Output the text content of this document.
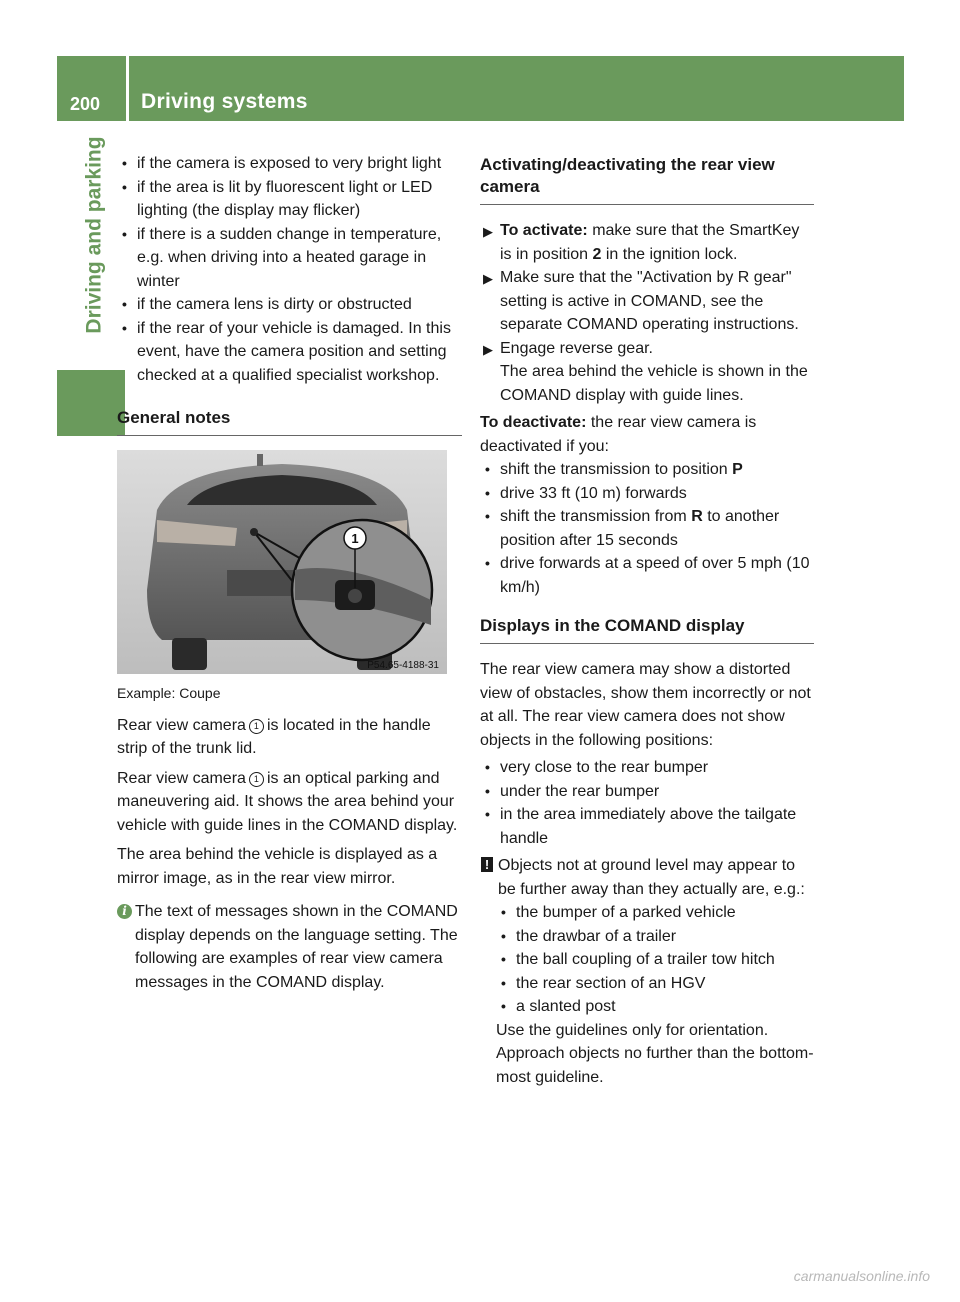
200 Driving systems
Driving and parking • if the camera is exposed to very bright light

• if the area is lit by fluorescent light or LED lighting (the display may flicker)

• if there is a sudden change in temperature, e.g. when driving into a heated garage in winter

• if the camera lens is dirty or obstructed

• if the rear of your vehicle is damaged. In this event, have the camera position and setting checked at a qualified specialist workshop.

General notes
1
P54.65-4188-31

Example: Coupe

Rear view camera 1 is located in the handle strip of the trunk lid.

Rear view camera 1 is an optical parking and maneuvering aid. It shows the area behind your vehicle with guide lines in the COMAND display.

The area behind the vehicle is displayed as a mirror image, as in the rear view mirror.

i The text of messages shown in the COMAND display depends on the language setting. The following are examples of rear view camera messages in the COMAND display.
Activating/deactivating the rear view camera

▶ To activate: make sure that the SmartKey is in position 2 in the ignition lock.

▶ Make sure that the "Activation by R gear" setting is active in COMAND, see the separate COMAND operating instructions.

▶ Engage reverse gear.
The area behind the vehicle is shown in the COMAND display with guide lines.

To deactivate: the rear view camera is deactivated if you:

• shift the transmission to position P

• drive 33 ft (10 m) forwards

• shift the transmission from R to another position after 15 seconds

• drive forwards at a speed of over 5 mph (10 km/h)

Displays in the COMAND display

The rear view camera may show a distorted view of obstacles, show them incorrectly or not at all. The rear view camera does not show objects in the following positions:

• very close to the rear bumper

• under the rear bumper

• in the area immediately above the tailgate handle

! Objects not at ground level may appear to be further away than they actually are, e.g.:

• the bumper of a parked vehicle

• the drawbar of a trailer

• the ball coupling of a trailer tow hitch

• the rear section of an HGV

• a slanted post

Use the guidelines only for orientation.

Approach objects no further than the bottom-most guideline.

carmanualsonline.info
